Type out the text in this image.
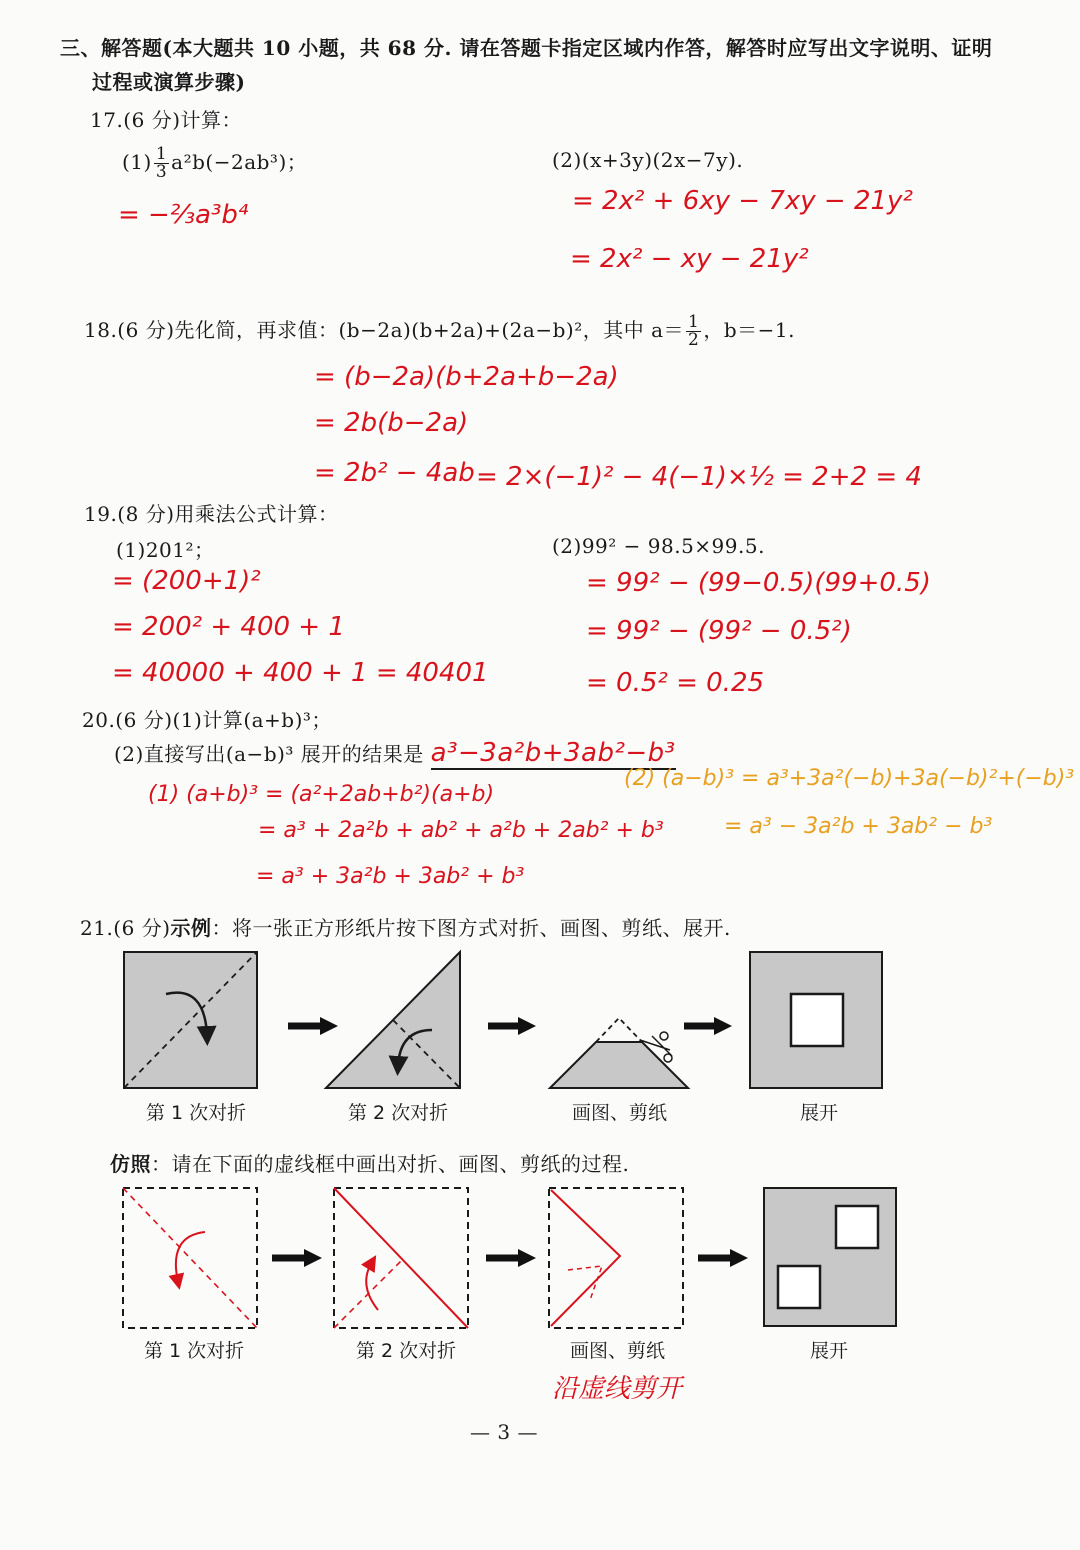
三、解答题(本大题共 10 小题，共 68 分. 请在答题卡指定区域内作答，解答时应写出文字说明、证明
过程或演算步骤)
17.(6 分)计算：
$(1) \frac{1}{3} a^2b(-2ab^3)$；	(2)(x+3y)(2x−7y).
= −⅔a³b⁴	= 2x² + 6xy − 7xy − 21y²
= 2x² − xy − 21y²
18.(6 分)先化简，再求值：(b−2a)(b+2a)+(2a−b)²，其中 $a= \frac{1}{2}$ ，b＝−1.
= (b−2a)(b+2a+b−2a)
= 2b(b−2a)
= 2b² − 4ab = 2×(−1)² − 4(−1)×½ = 2+2 = 4
19.(8 分)用乘法公式计算：
(1)201²；	(2)99² − 98.5×99.5.
= (200+1)²
= 200² + 400 + 1
= 40000 + 400 + 1 = 40401
= 99² − (99−0.5)(99+0.5)
= 99² − (99² − 0.5²)
= 0.5² = 0.25
20.(6 分)(1)计算(a+b)³；
(2)直接写出(a−b)³ 展开的结果是 a³−3a²b+3ab²−b³
(1) (a+b)³ = (a²+2ab+b²)(a+b)
= a³ + 2a²b + ab² + a²b + 2ab² + b³
= a³ + 3a²b + 3ab² + b³
(2) (a−b)³ = a³+3a²(−b)+3a(−b)²+(−b)³
= a³ − 3a²b + 3ab² − b³
21.(6 分)示例：将一张正方形纸片按下图方式对折、画图、剪纸、展开.
第 1 次对折	第 2 次对折	画图、剪纸	展开
仿照：请在下面的虚线框中画出对折、画图、剪纸的过程.
第 1 次对折	第 2 次对折	画图、剪纸	展开
沿虚线剪开
— 3 —
